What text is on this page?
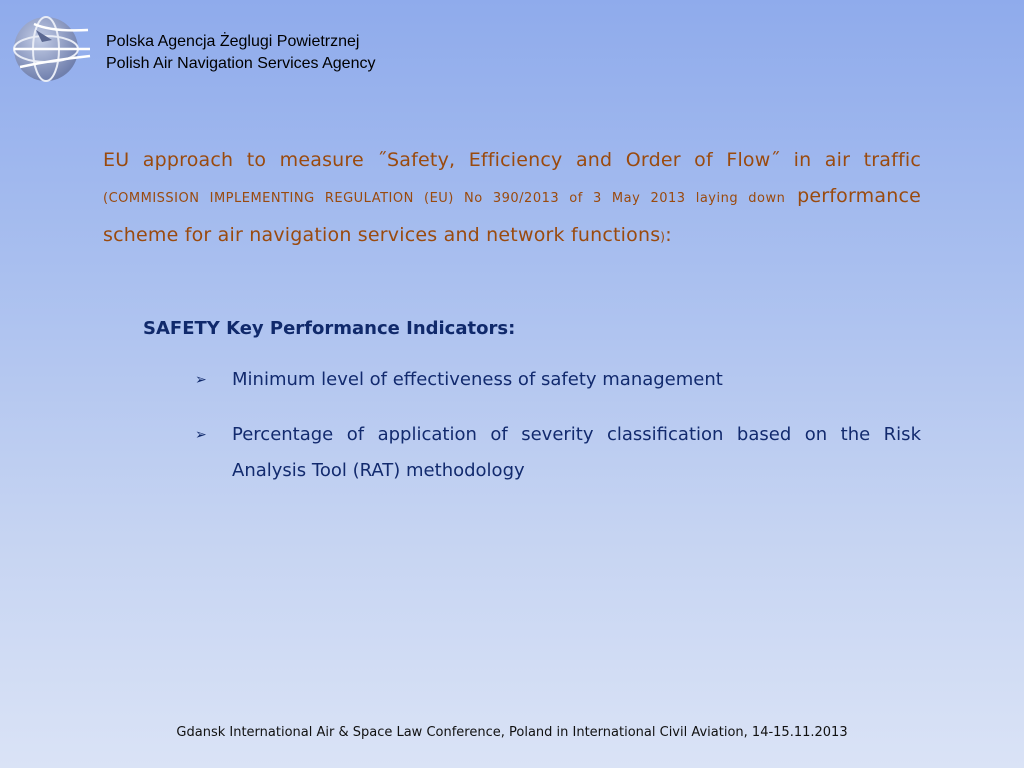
Polska Agencja Żeglugi Powietrznej
Polish Air Navigation Services Agency
EU approach to measure ˝Safety, Efficiency and Order of Flow˝ in air traffic (COMMISSION IMPLEMENTING REGULATION (EU) No 390/2013 of 3 May 2013 laying down performance scheme for air navigation services and network functions):
SAFETY Key Performance Indicators:
➢ Minimum level of effectiveness of safety management
➢ Percentage of application of severity classification based on the Risk Analysis Tool (RAT) methodology
Gdansk International Air & Space Law Conference, Poland in International Civil Aviation, 14-15.11.2013
